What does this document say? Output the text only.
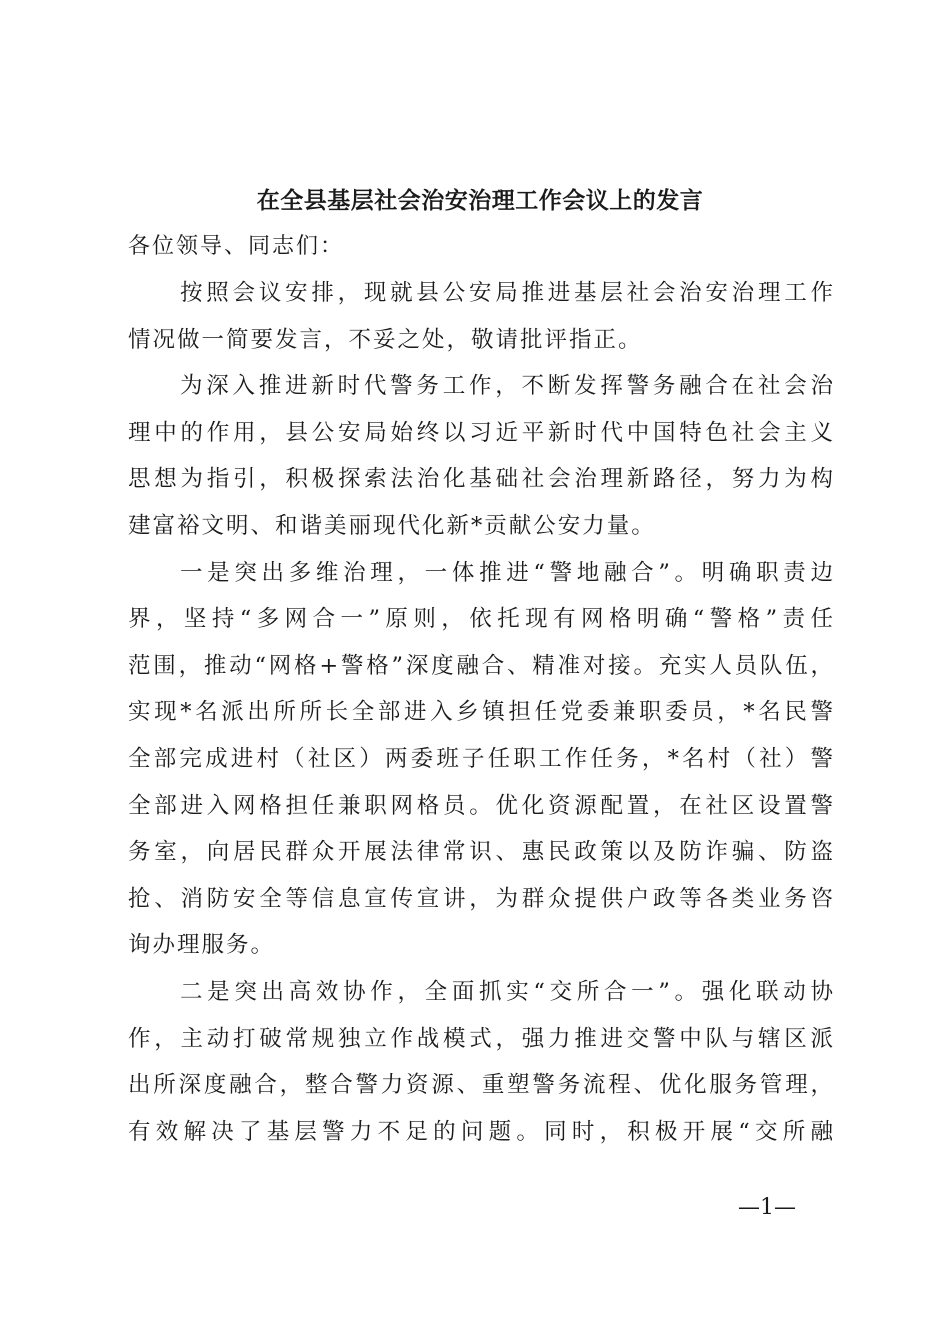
在全县基层社会治安治理工作会议上的发言

各位领导、同志们：

按照会议安排，现就县公安局推进基层社会治安治理工作
情况做一简要发言，不妥之处，敬请批评指正。
为深入推进新时代警务工作，不断发挥警务融合在社会治
理中的作用，县公安局始终以习近平新时代中国特色社会主义
思想为指引，积极探索法治化基础社会治理新路径，努力为构
建富裕文明、和谐美丽现代化新*贡献公安力量。
一是突出多维治理，一体推进“警地融合”。明确职责边
界，坚持“多网合一”原则，依托现有网格明确“警格”责任
范围，推动“网格+警格”深度融合、精准对接。充实人员队伍，
实现*名派出所所长全部进入乡镇担任党委兼职委员，*名民警
全部完成进村（社区）两委班子任职工作任务，*名村（社）警
全部进入网格担任兼职网格员。优化资源配置，在社区设置警
务室，向居民群众开展法律常识、惠民政策以及防诈骗、防盗
抢、消防安全等信息宣传宣讲，为群众提供户政等各类业务咨
询办理服务。
二是突出高效协作，全面抓实“交所合一”。强化联动协
作，主动打破常规独立作战模式，强力推进交警中队与辖区派
出所深度融合，整合警力资源、重塑警务流程、优化服务管理，
有效解决了基层警力不足的问题。同时，积极开展“交所融

—1—
